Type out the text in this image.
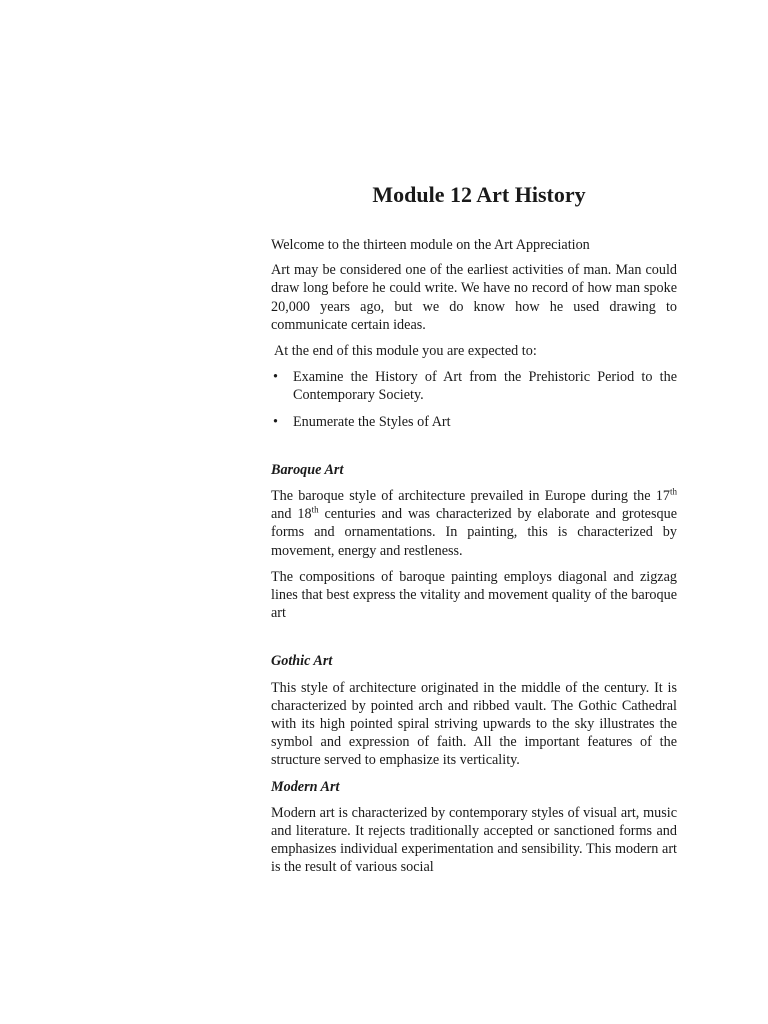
Module 12 Art History

Welcome to the thirteen module on the Art Appreciation

Art may be considered one of the earliest activities of man. Man could draw long before he could write. We have no record of how man spoke 20,000 years ago, but we do know how he used drawing to communicate certain ideas.

At the end of this module you are expected to:

• Examine the History of Art from the Prehistoric Period to the Contemporary Society.
• Enumerate the Styles of Art
Baroque Art

The baroque style of architecture prevailed in Europe during the 17th and 18th centuries and was characterized by elaborate and grotesque forms and ornamentations. In painting, this is characterized by movement, energy and restleness.

The compositions of baroque painting employs diagonal and zigzag lines that best express the vitality and movement quality of the baroque art

Gothic Art

This style of architecture originated in the middle of the century. It is characterized by pointed arch and ribbed vault. The Gothic Cathedral with its high pointed spiral striving upwards to the sky illustrates the symbol and expression of faith. All the important features of the structure served to emphasize its verticality.

Modern Art

Modern art is characterized by contemporary styles of visual art, music and literature. It rejects traditionally accepted or sanctioned forms and emphasizes individual experimentation and sensibility. This modern art is the result of various social
